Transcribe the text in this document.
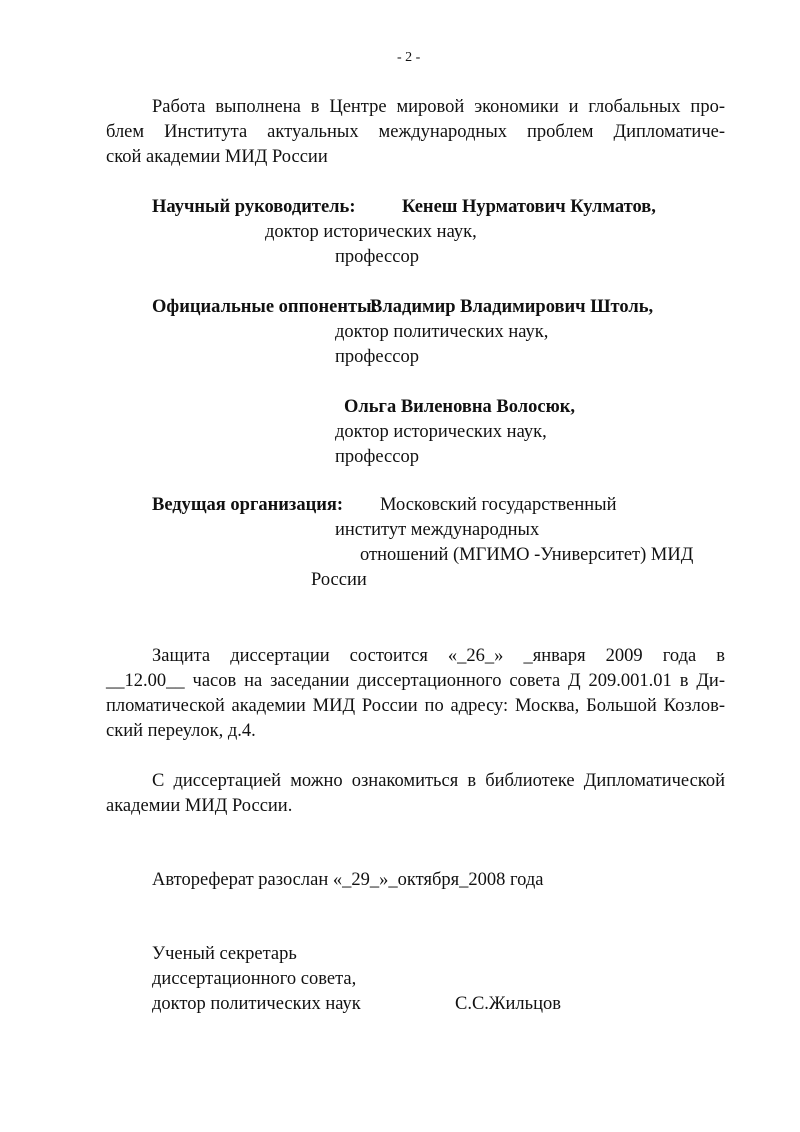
- 2 -
Работа выполнена в Центре мировой экономики и глобальных про-
блем Института актуальных международных проблем Дипломатиче-
ской академии МИД России
Научный руководитель:	Кенеш Нурматович Кулматов,
доктор исторических наук,
профессор
Официальные оппоненты:
Владимир Владимирович Штоль,
доктор политических наук,
профессор
Ольга Виленовна Волосюк,
доктор исторических наук,
профессор
Ведущая организация: Московский государственный
институт международных
отношений (МГИМО -Университет) МИД
России
Защита диссертации состоится «_26_» _января 2009 года в
__12.00__ часов на заседании диссертационного совета Д 209.001.01 в Ди-
пломатической академии МИД России по адресу: Москва, Большой Козлов-
ский переулок, д.4.
С диссертацией можно ознакомиться в библиотеке Дипломатической
академии МИД России.
Автореферат разослан «_29_»_октября_2008 года
Ученый секретарь
диссертационного совета,
доктор политических наук	С.С.Жильцов
